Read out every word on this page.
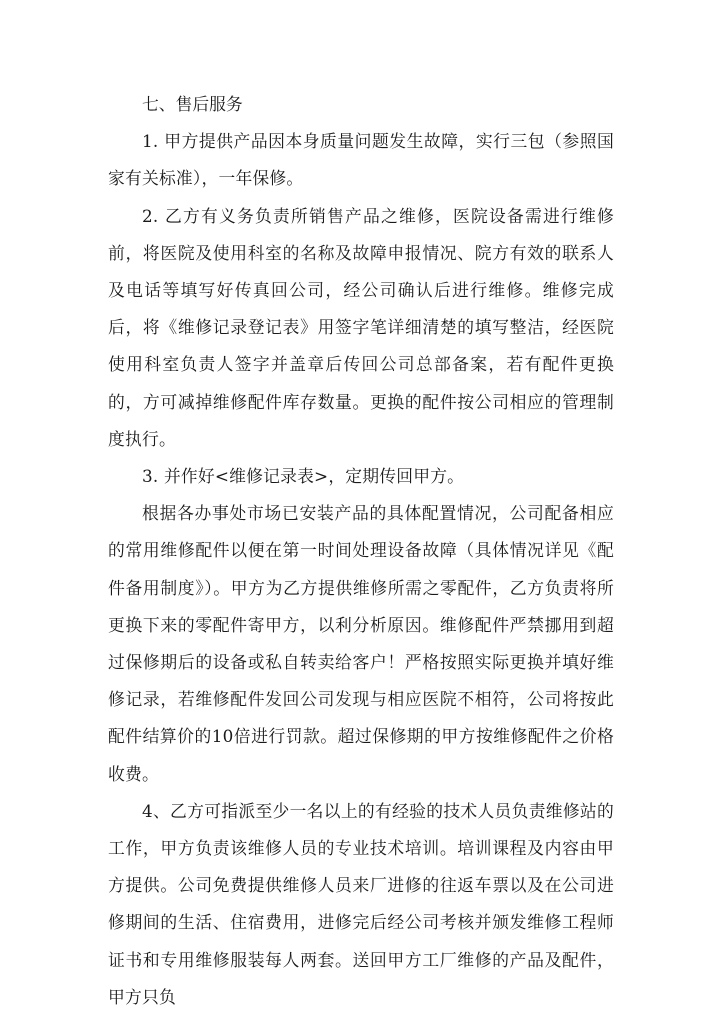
七、售后服务

1. 甲方提供产品因本身质量问题发生故障，实行三包（参照国家有关标准），一年保修。

2. 乙方有义务负责所销售产品之维修，医院设备需进行维修前，将医院及使用科室的名称及故障申报情况、院方有效的联系人及电话等填写好传真回公司，经公司确认后进行维修。维修完成后，将《维修记录登记表》用签字笔详细清楚的填写整洁，经医院使用科室负责人签字并盖章后传回公司总部备案，若有配件更换的，方可减掉维修配件库存数量。更换的配件按公司相应的管理制度执行。

3. 并作好<维修记录表>，定期传回甲方。

根据各办事处市场已安装产品的具体配置情况，公司配备相应的常用维修配件以便在第一时间处理设备故障（具体情况详见《配件备用制度》）。甲方为乙方提供维修所需之零配件，乙方负责将所更换下来的零配件寄甲方，以利分析原因。维修配件严禁挪用到超过保修期后的设备或私自转卖给客户！严格按照实际更换并填好维修记录，若维修配件发回公司发现与相应医院不相符，公司将按此配件结算价的10倍进行罚款。超过保修期的甲方按维修配件之价格收费。

4、乙方可指派至少一名以上的有经验的技术人员负责维修站的工作，甲方负责该维修人员的专业技术培训。培训课程及内容由甲方提供。公司免费提供维修人员来厂进修的往返车票以及在公司进修期间的生活、住宿费用，进修完后经公司考核并颁发维修工程师证书和专用维修服装每人两套。送回甲方工厂维修的产品及配件，甲方只负
